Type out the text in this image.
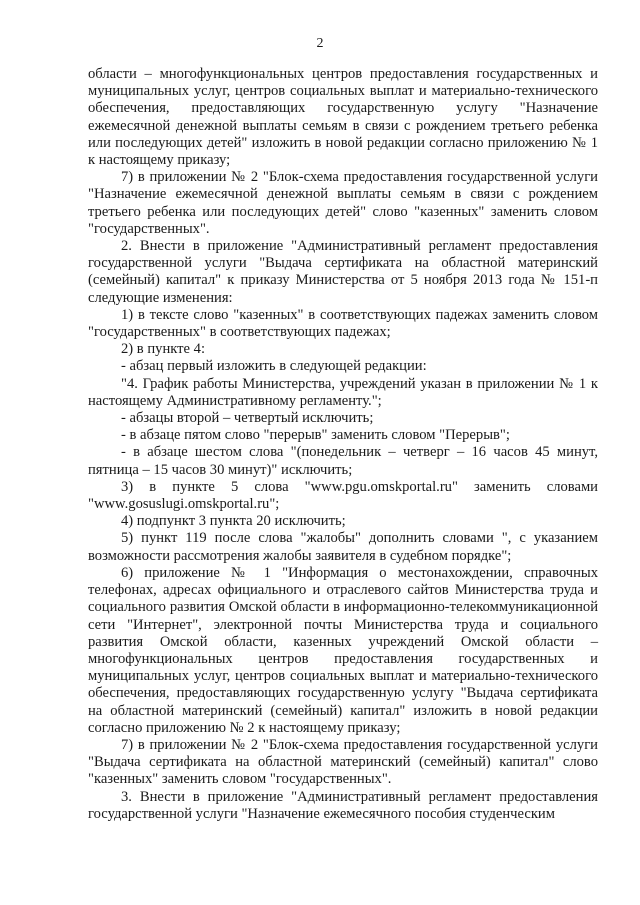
2

области – многофункциональных центров предоставления государственных и муниципальных услуг, центров социальных выплат и материально-технического обеспечения, предоставляющих государственную услугу "Назначение ежемесячной денежной выплаты семьям в связи с рождением третьего ребенка или последующих детей" изложить в новой редакции согласно приложению № 1 к настоящему приказу;

7) в приложении № 2 "Блок-схема предоставления государственной услуги "Назначение ежемесячной денежной выплаты семьям в связи с рождением третьего ребенка или последующих детей" слово "казенных" заменить словом "государственных".

2. Внести в приложение "Административный регламент предоставления государственной услуги "Выдача сертификата на областной материнский (семейный) капитал" к приказу Министерства от 5 ноября 2013 года № 151-п следующие изменения:

1) в тексте слово "казенных" в соответствующих падежах заменить словом "государственных" в соответствующих падежах;

2) в пункте 4:

- абзац первый изложить в следующей редакции:

"4. График работы Министерства, учреждений указан в приложении № 1 к настоящему Административному регламенту.";

- абзацы второй – четвертый исключить;

- в абзаце пятом слово "перерыв" заменить словом "Перерыв";

- в абзаце шестом слова "(понедельник – четверг – 16 часов 45 минут, пятница – 15 часов 30 минут)" исключить;

3) в пункте 5 слова "www.pgu.omskportal.ru" заменить словами "www.gosuslugi.omskportal.ru";

4) подпункт 3 пункта 20 исключить;

5) пункт 119 после слова "жалобы" дополнить словами ", с указанием возможности рассмотрения жалобы заявителя в судебном порядке";

6) приложение № 1 "Информация о местонахождении, справочных телефонах, адресах официального и отраслевого сайтов Министерства труда и социального развития Омской области в информационно-телекоммуникационной сети "Интернет", электронной почты Министерства труда и социального развития Омской области, казенных учреждений Омской области – многофункциональных центров предоставления государственных и муниципальных услуг, центров социальных выплат и материально-технического обеспечения, предоставляющих государственную услугу "Выдача сертификата на областной материнский (семейный) капитал" изложить в новой редакции согласно приложению № 2 к настоящему приказу;

7) в приложении № 2 "Блок-схема предоставления государственной услуги "Выдача сертификата на областной материнский (семейный) капитал" слово "казенных" заменить словом "государственных".

3. Внести в приложение "Административный регламент предоставления государственной услуги "Назначение ежемесячного пособия студенческим
